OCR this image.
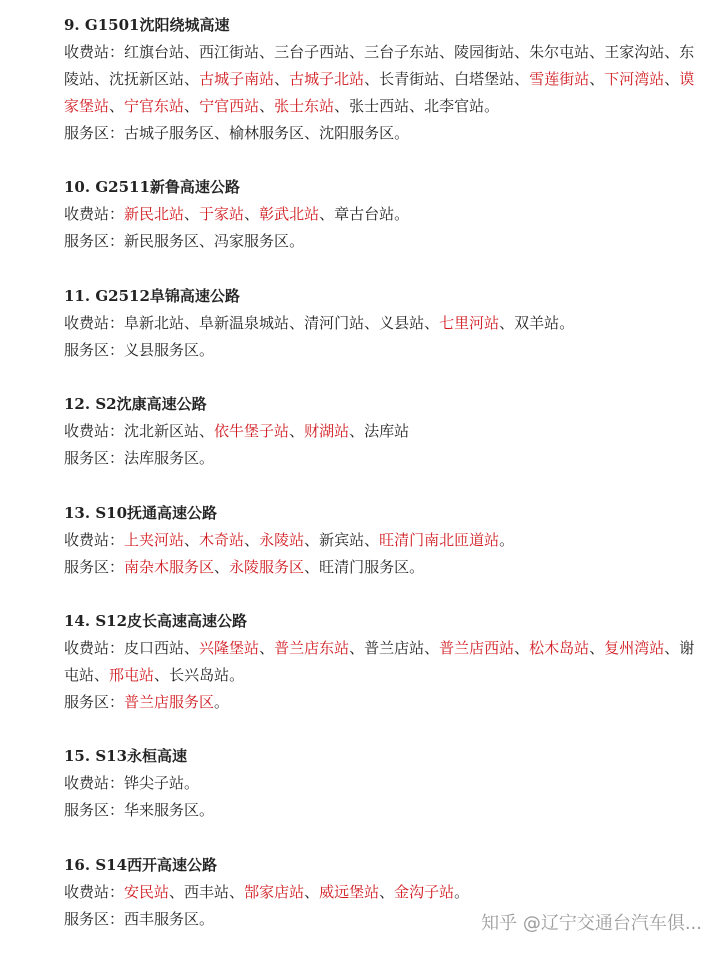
9. G1501沈阳绕城高速
收费站：红旗台站、西江街站、三台子西站、三台子东站、陵园街站、朱尔屯站、王家沟站、东陵站、沈抚新区站、古城子南站、古城子北站、长青街站、白塔堡站、雪莲街站、下河湾站、谟家堡站、宁官东站、宁官西站、张士东站、张士西站、北李官站。
服务区：古城子服务区、榆林服务区、沈阳服务区。
10. G2511新鲁高速公路
收费站：新民北站、于家站、彰武北站、章古台站。
服务区：新民服务区、冯家服务区。
11. G2512阜锦高速公路
收费站：阜新北站、阜新温泉城站、清河门站、义县站、七里河站、双羊站。
服务区：义县服务区。
12. S2沈康高速公路
收费站：沈北新区站、依牛堡子站、财湖站、法库站
服务区：法库服务区。
13. S10抚通高速公路
收费站：上夹河站、木奇站、永陵站、新宾站、旺清门南北匝道站。
服务区：南杂木服务区、永陵服务区、旺清门服务区。
14. S12皮长高速高速公路
收费站：皮口西站、兴隆堡站、普兰店东站、普兰店站、普兰店西站、松木岛站、复州湾站、谢屯站、邢屯站、长兴岛站。
服务区：普兰店服务区。
15. S13永桓高速
收费站：铧尖子站。
服务区：华来服务区。
16. S14西开高速公路
收费站：安民站、西丰站、郜家店站、威远堡站、金沟子站。
服务区：西丰服务区。	知乎 @辽宁交通台汽车俱...
